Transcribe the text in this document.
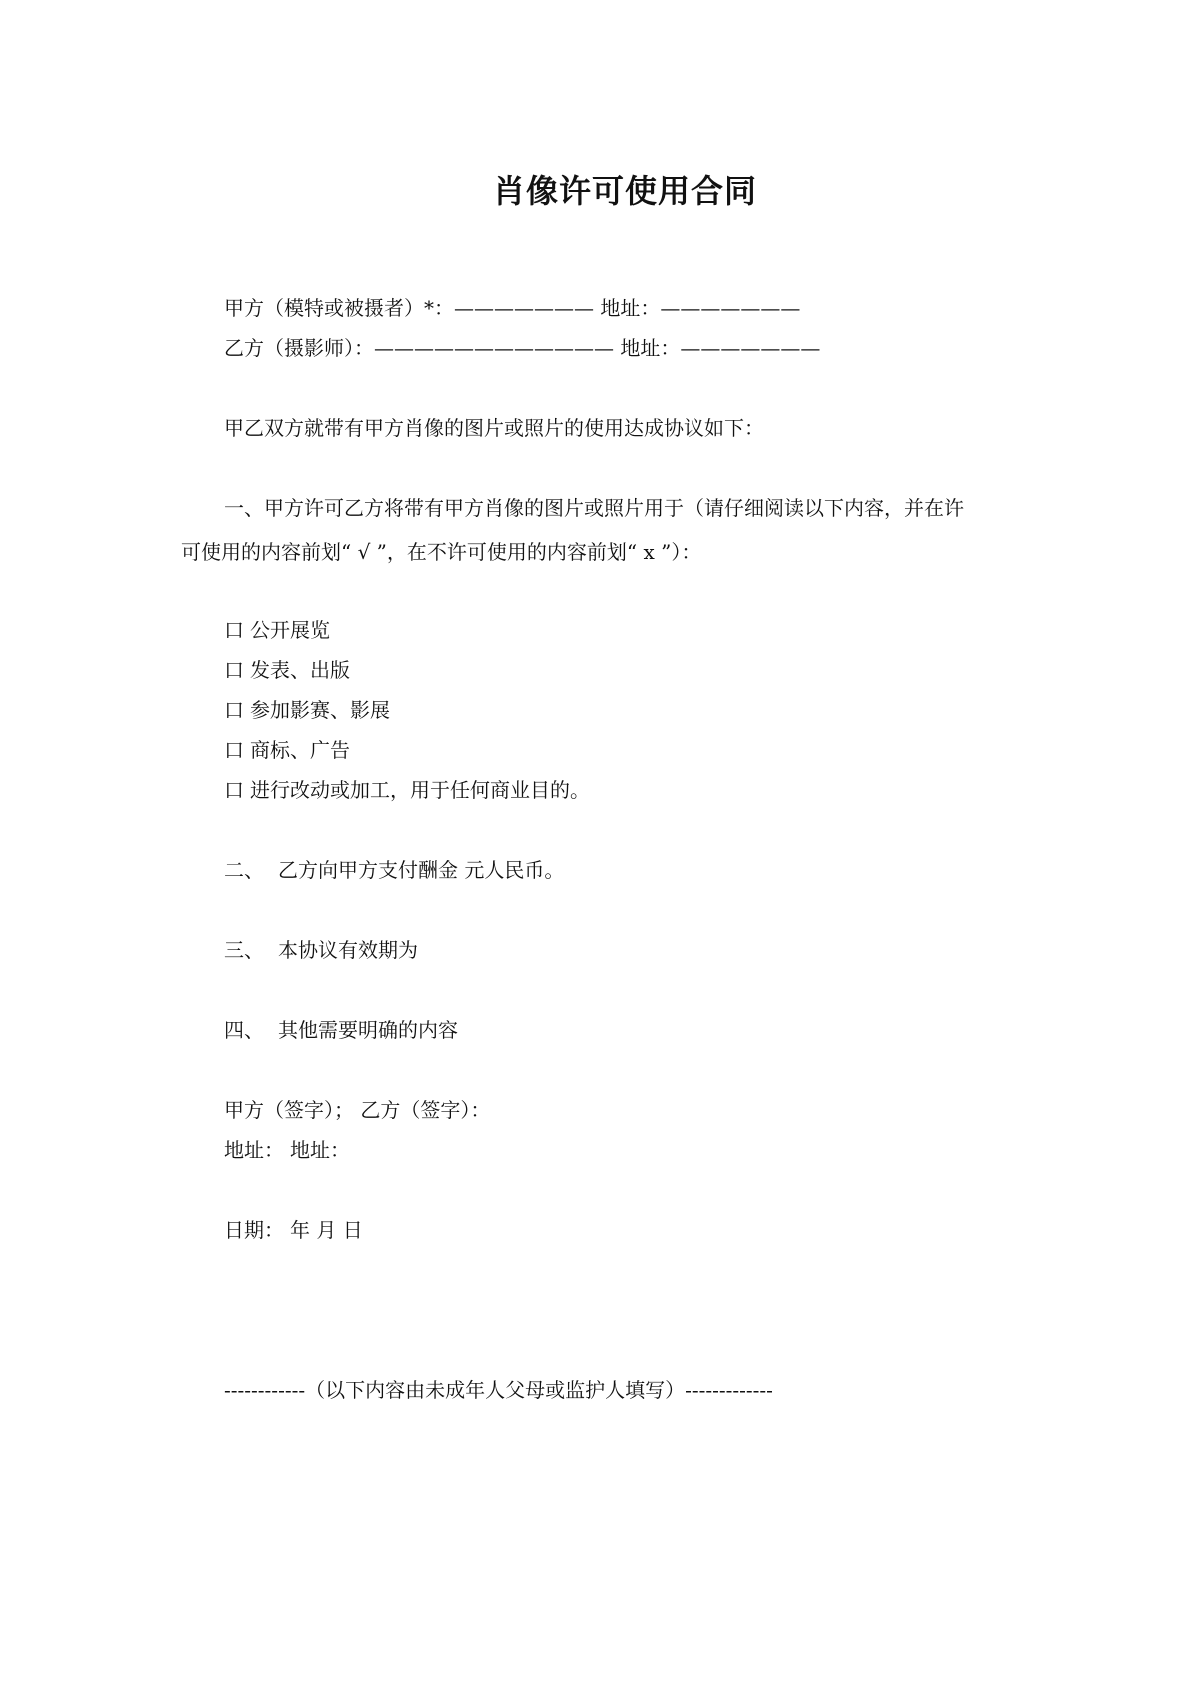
肖像许可使用合同

甲方（模特或被摄者）*：——————— 地址：———————

乙方（摄影师）：———————————— 地址：———————

甲乙双方就带有甲方肖像的图片或照片的使用达成协议如下：

一、甲方许可乙方将带有甲方肖像的图片或照片用于（请仔细阅读以下内容，并在许

可使用的内容前划“ √ ”，在不许可使用的内容前划“ x ”）：

口 公开展览

口 发表、出版

口 参加影赛、影展

口 商标、广告

口 进行改动或加工，用于任何商业目的。

二、 乙方向甲方支付酬金 元人民币。

三、 本协议有效期为

四、 其他需要明确的内容

甲方（签字）； 乙方（签字）：

地址： 地址：

日期： 年 月 日

------------（以下内容由未成年人父母或监护人填写）-------------
